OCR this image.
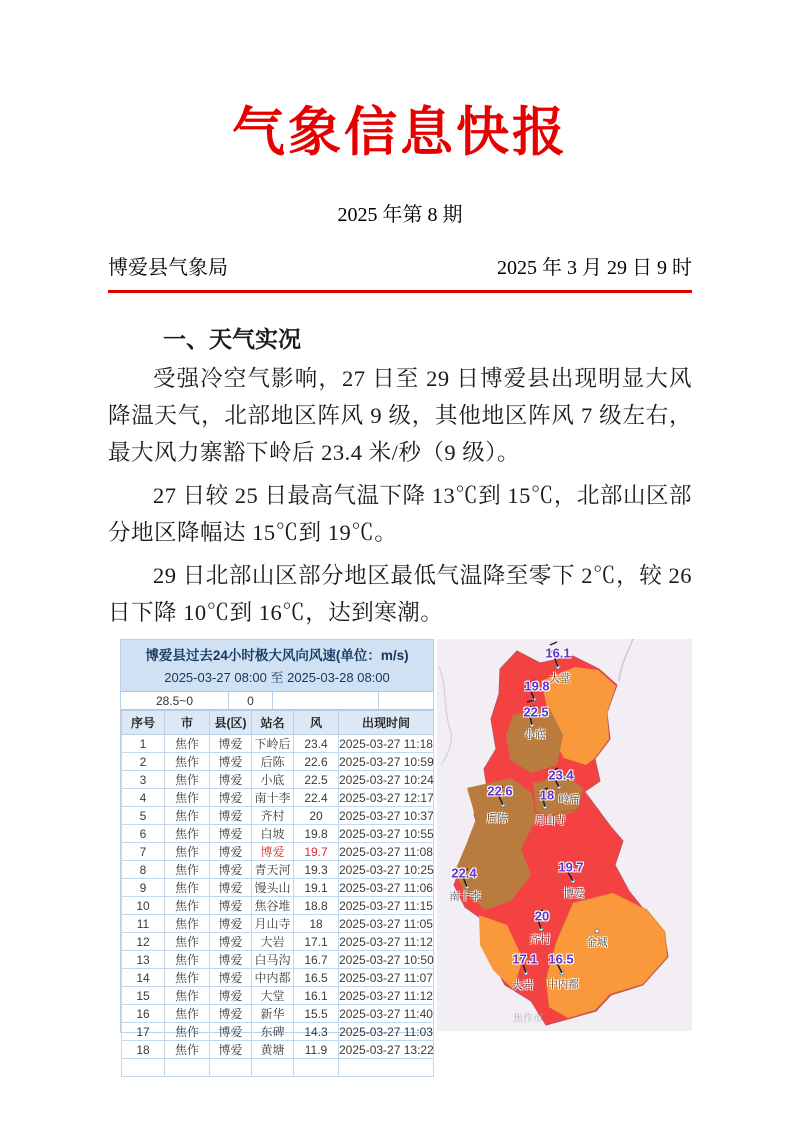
气象信息快报
2025 年第 8 期
博爱县气象局	2025 年 3 月 29 日 9 时
一、天气实况

受强冷空气影响，27 日至 29 日博爱县出现明显大风降温天气，北部地区阵风 9 级，其他地区阵风 7 级左右，最大风力寨豁下岭后 23.4 米/秒（9 级）。

27 日较 25 日最高气温下降 13℃到 15℃，北部山区部分地区降幅达 15℃到 19℃。

29 日北部山区部分地区最低气温降至零下 2℃，较 26 日下降 10℃到 16℃，达到寒潮。

博爱县过去24小时极大风向风速(单位：m/s)
2025-03-27 08:00 至 2025-03-28 08:00
28.5~0	0
序号	市	县(区)	站名	风	出现时间
1	焦作	博爱	下岭后	23.4	2025-03-27 11:18
2	焦作	博爱	后陈	22.6	2025-03-27 10:59
3	焦作	博爱	小底	22.5	2025-03-27 10:24
4	焦作	博爱	南十李	22.4	2025-03-27 12:17
5	焦作	博爱	齐村	20	2025-03-27 10:37
6	焦作	博爱	白坡	19.8	2025-03-27 10:55
7	焦作	博爱	博爱	19.7	2025-03-27 11:08
8	焦作	博爱	青天河	19.3	2025-03-27 10:25
9	焦作	博爱	馒头山	19.1	2025-03-27 11:06
10	焦作	博爱	焦谷堆	18.8	2025-03-27 11:15
11	焦作	博爱	月山寺	18	2025-03-27 11:05
12	焦作	博爱	大岩	17.1	2025-03-27 11:12
13	焦作	博爱	白马沟	16.7	2025-03-27 10:50
14	焦作	博爱	中内都	16.5	2025-03-27 11:07
15	焦作	博爱	大堂	16.1	2025-03-27 11:12
16	焦作	博爱	新华	15.5	2025-03-27 11:40
17	焦作	博爱	东碑	14.3	2025-03-27 11:03
18	焦作	博爱	黄塘	11.9	2025-03-27 13:22

16.1
大堂
19.8
22.5
小底
23.4
18 岭后
22.6
后陈	月山寺
22.4
南十李
19.7
博爱
20
齐村	金城
17.1
大岩
16.5
中内都
焦作市
